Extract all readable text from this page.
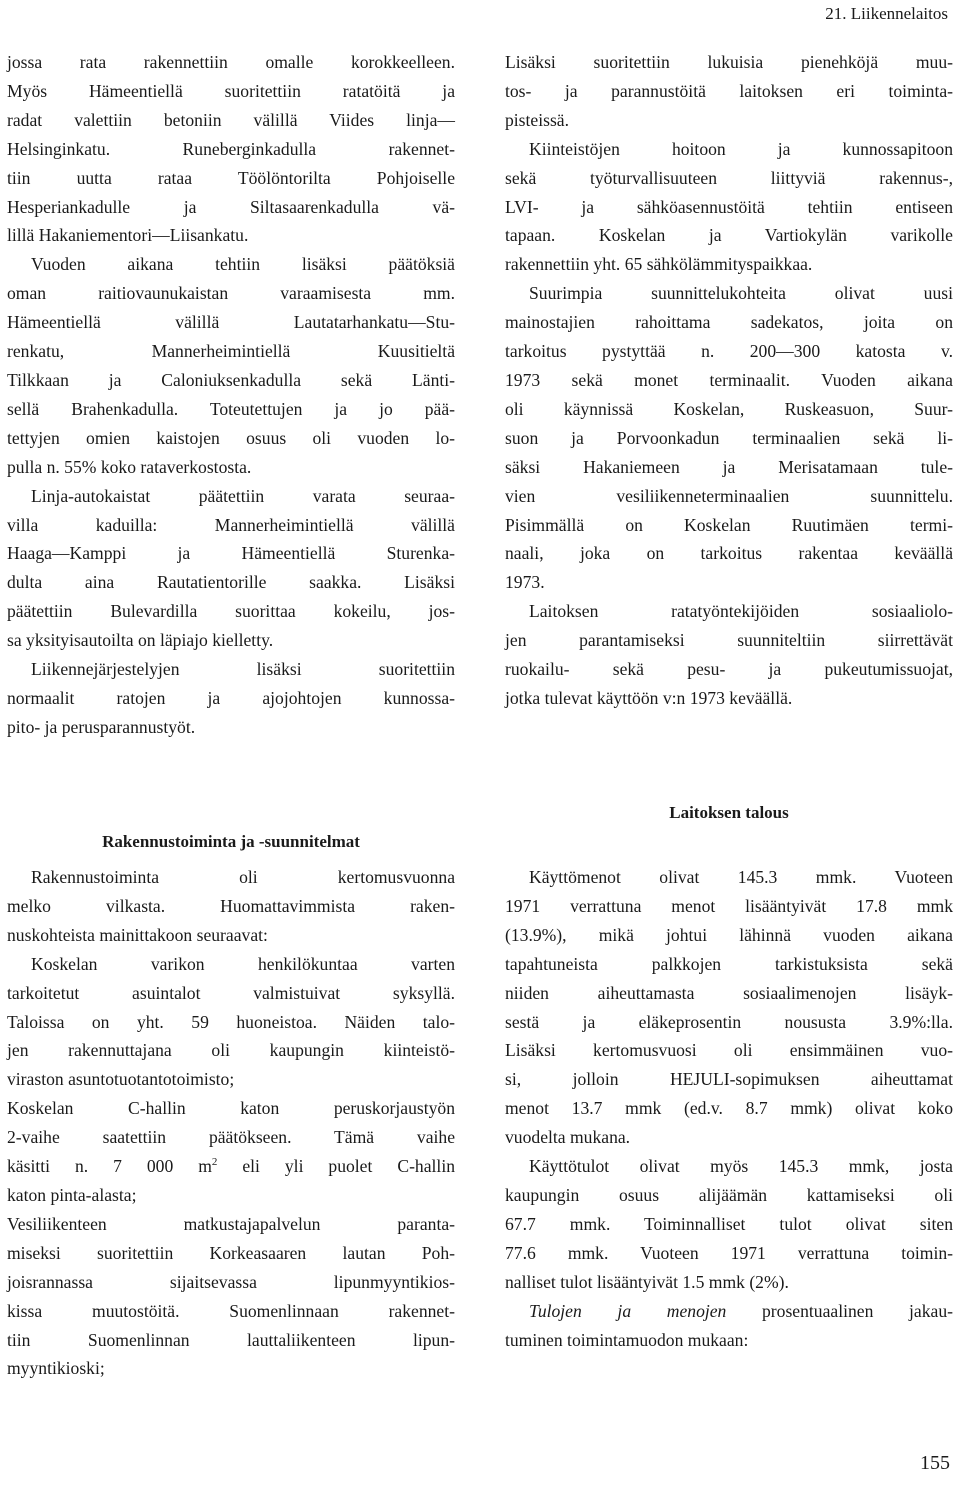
21. Liikennelaitos

jossa rata rakennettiin omalle korokkeelleen.

Myös Hämeentiellä suoritettiin ratatöitä ja

radat valettiin betoniin välillä Viides linja—

Helsinginkatu. Runeberginkadulla rakennet-

tiin uutta rataa Töölöntorilta Pohjoiselle

Hesperiankadulle ja Siltasaarenkadulla vä-

lillä Hakaniementori—Liisankatu.

Vuoden aikana tehtiin lisäksi päätöksiä

oman raitiovaunukaistan varaamisesta mm.

Hämeentiellä välillä Lautatarhankatu—Stu-

renkatu, Mannerheimintiellä Kuusitieltä

Tilkkaan ja Caloniuksenkadulla sekä Länti-

sellä Brahenkadulla. Toteutettujen ja jo pää-

tettyjen omien kaistojen osuus oli vuoden lo-

pulla n. 55% koko rataverkostosta.

Linja-autokaistat päätettiin varata seuraa-

villa kaduilla: Mannerheimintiellä välillä

Haaga—Kamppi ja Hämeentiellä Sturenka-

dulta aina Rautatientorille saakka. Lisäksi

päätettiin Bulevardilla suorittaa kokeilu, jos-

sa yksityisautoilta on läpiajo kielletty.

Liikennejärjestelyjen lisäksi suoritettiin

normaalit ratojen ja ajojohtojen kunnossa-

pito- ja perusparannustyöt.

Lisäksi suoritettiin lukuisia pienehköjä muu-

tos- ja parannustöitä laitoksen eri toiminta-

pisteissä.

Kiinteistöjen hoitoon ja kunnossapitoon

sekä työturvallisuuteen liittyviä rakennus-,

LVI- ja sähköasennustöitä tehtiin entiseen

tapaan. Koskelan ja Vartiokylän varikolle

rakennettiin yht. 65 sähkölämmityspaikkaa.

Suurimpia suunnittelukohteita olivat uusi

mainostajien rahoittama sadekatos, joita on

tarkoitus pystyttää n. 200—300 katosta v.

1973 sekä monet terminaalit. Vuoden aikana

oli käynnissä Koskelan, Ruskeasuon, Suur-

suon ja Porvoonkadun terminaalien sekä li-

säksi Hakaniemeen ja Merisatamaan tule-

vien vesiliikenneterminaalien suunnittelu.

Pisimmällä on Koskelan Ruutimäen termi-

naali, joka on tarkoitus rakentaa keväällä

1973.

Laitoksen ratatyöntekijöiden sosiaaliolo-

jen parantamiseksi suunniteltiin siirrettävät

ruokailu- sekä pesu- ja pukeutumissuojat,

jotka tulevat käyttöön v:n 1973 keväällä.

Rakennustoiminta ja -suunnitelmat
Laitoksen talous

Rakennustoiminta oli kertomusvuonna

melko vilkasta. Huomattavimmista raken-

nuskohteista mainittakoon seuraavat:

Koskelan varikon henkilökuntaa varten

tarkoitetut asuintalot valmistuivat syksyllä.

Taloissa on yht. 59 huoneistoa. Näiden talo-

jen rakennuttajana oli kaupungin kiinteistö-

viraston asuntotuotantotoimisto;

Koskelan C-hallin katon peruskorjaustyön

2-vaihe saatettiin päätökseen. Tämä vaihe

käsitti n. 7 000 $m^2$ eli yli puolet C-hallin

katon pinta-alasta;

Vesiliikenteen matkustajapalvelun paranta-

miseksi suoritettiin Korkeasaaren lautan Poh-

joisrannassa sijaitsevassa lipunmyyntikios-

kissa muutostöitä. Suomenlinnaan rakennet-

tiin Suomenlinnan lauttaliikenteen lipun-

myyntikioski;

Käyttömenot olivat 145.3 mmk. Vuoteen

1971 verrattuna menot lisääntyivät 17.8 mmk

(13.9%), mikä johtui lähinnä vuoden aikana

tapahtuneista palkkojen tarkistuksista sekä

niiden aiheuttamasta sosiaalimenojen lisäyk-

sestä ja eläkeprosentin noususta 3.9%:lla.

Lisäksi kertomusvuosi oli ensimmäinen vuo-

si, jolloin HEJULI-sopimuksen aiheuttamat

menot 13.7 mmk (ed.v. 8.7 mmk) olivat koko

vuodelta mukana.

Käyttötulot olivat myös 145.3 mmk, josta

kaupungin osuus alijäämän kattamiseksi oli

67.7 mmk. Toiminnalliset tulot olivat siten

77.6 mmk. Vuoteen 1971 verrattuna toimin-

nalliset tulot lisääntyivät 1.5 mmk (2%).

Tulojen ja menojen prosentuaalinen jakau-

tuminen toimintamuodon mukaan:

155
